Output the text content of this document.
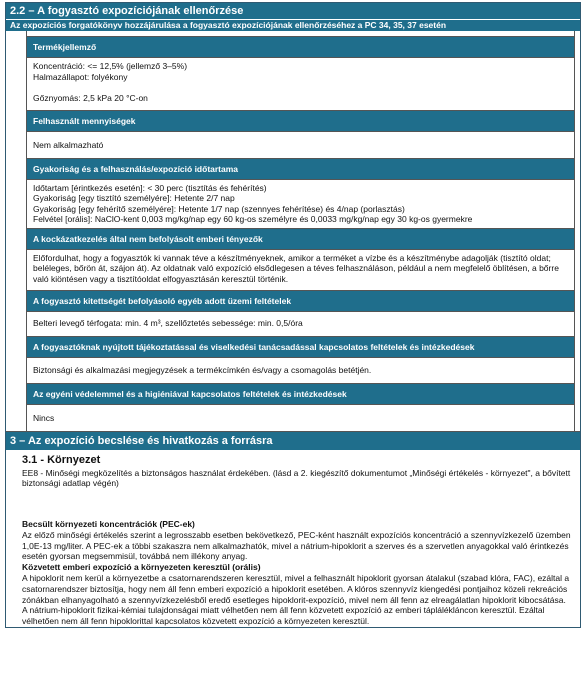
2.2 – A fogyasztó expozíciójának ellenőrzése
Az expozíciós forgatókönyv hozzájárulása a fogyasztó expozíciójának ellenőrzéséhez a PC 34, 35, 37 esetén
Termékjellemző

Koncentráció: <= 12,5% (jellemző 3–5%)

Halmazállapot: folyékony

Gőznyomás: 2,5 kPa 20 °C-on

Felhasznált mennyiségek

Nem alkalmazható

Gyakoriság és a felhasználás/expozíció időtartama

Időtartam [érintkezés esetén]: < 30 perc (tisztítás és fehérítés)

Gyakoriság [egy tisztító személyére]: Hetente 2/7 nap

Gyakoriság [egy fehérítő személyére]: Hetente 1/7 nap (szennyes fehérítése) és 4/nap (porlasztás)

Felvétel [orális]: NaClO-kent 0,003 mg/kg/nap egy 60 kg-os személyre és 0,0033 mg/kg/nap egy 30 kg-os gyermekre

A kockázatkezelés által nem befolyásolt emberi tényezők

Előfordulhat, hogy a fogyasztók ki vannak téve a készítményeknek, amikor a terméket a vízbe és a készítménybe adagolják (tisztító oldat; beléleges, bőrön át, szájon át). Az oldatnak való expozíció elsődlegesen a téves felhasználáson, például a nem megfelelő öblítésen, a bőrre való kiöntésen vagy a tisztítóoldat elfogyasztásán keresztül történik.

A fogyasztó kitettségét befolyásoló egyéb adott üzemi feltételek

Belteri levegő térfogata: min. 4 m³, szellőztetés sebessége: min. 0,5/óra

A fogyasztóknak nyújtott tájékoztatással és viselkedési tanácsadással kapcsolatos feltételek és intézkedések

Biztonsági és alkalmazási megjegyzések a termékcímkén és/vagy a csomagolás betétjén.

Az egyéni védelemmel és a higiéniával kapcsolatos feltételek és intézkedések

Nincs

3 – Az expozíció becslése és hivatkozás a forrásra
3.1 - Környezet

EE8 - Minőségi megközelítés a biztonságos használat érdekében. (lásd a 2. kiegészítő dokumentumot „Minőségi értékelés - környezet", a bővített biztonsági adatlap végén)

Becsült környezeti koncentrációk (PEC-ek)

Az előző minőségi értékelés szerint a legrosszabb esetben bekövetkező, PEC-ként használt expozíciós koncentráció a szennyvízkezelő üzemben 1,0E-13 mg/liter. A PEC-ek a többi szakaszra nem alkalmazhatók, mivel a nátrium-hipoklorit a szerves és a szervetlen anyagokkal való érintkezés esetén gyorsan megsemmisül, továbbá nem illékony anyag.

Közvetett emberi expozíció a környezeten keresztül (orális)

A hipoklorit nem kerül a környezetbe a csatornarendszeren keresztül, mivel a felhasznált hipoklorit gyorsan átalakul (szabad klóra, FAC), ezáltal a csatornarendszer biztosítja, hogy nem áll fenn emberi expozíció a hipoklorit esetében. A klóros szennyvíz kiengedési pontjaihoz közeli rekreációs zónákban elhanyagolható a szennyvízkezelésből eredő esetleges hipoklorit-expozíció, mivel nem áll fenn az elreagálatlan hipoklorit kibocsátása.

A nátrium-hipoklorit fizikai-kémiai tulajdonságai miatt vélhetően nem áll fenn közvetett expozíció az emberi táplálékláncon keresztül. Ezáltal vélhetően nem áll fenn hipoklorittal kapcsolatos közvetett expozíció a környezeten keresztül.
